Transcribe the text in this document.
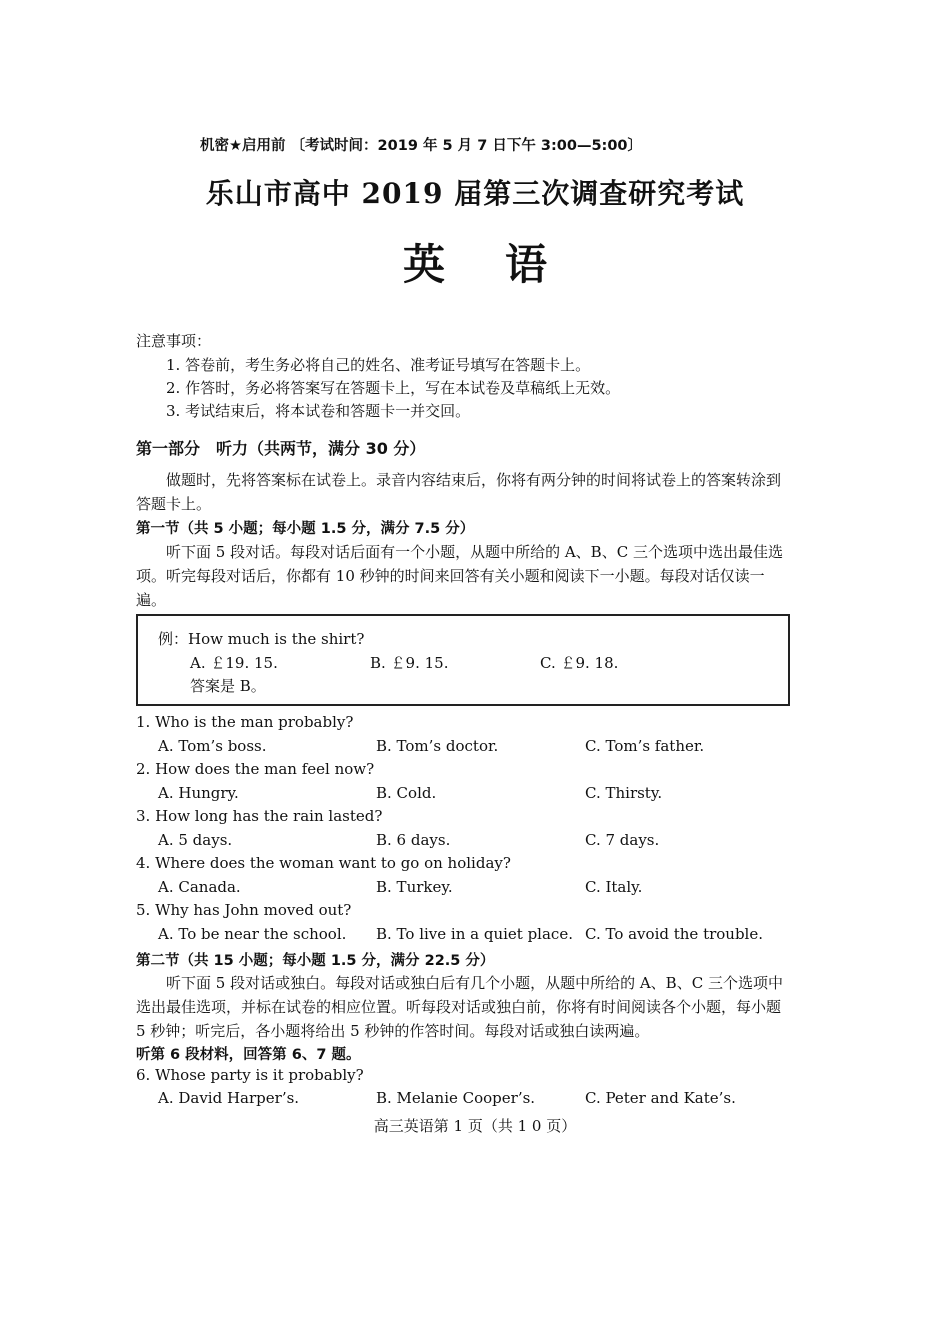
机密★启用前 〔考试时间：2019 年 5 月 7 日下午 3:00—5:00〕
乐山市高中 2019 届第三次调查研究考试
英语
注意事项：
1. 答卷前，考生务必将自己的姓名、准考证号填写在答题卡上。
2. 作答时，务必将答案写在答题卡上，写在本试卷及草稿纸上无效。
3. 考试结束后，将本试卷和答题卡一并交回。
第一部分　听力（共两节，满分 30 分）
做题时，先将答案标在试卷上。录音内容结束后，你将有两分钟的时间将试卷上的答案转涂到答题卡上。
第一节（共 5 小题；每小题 1.5 分，满分 7.5 分）
听下面 5 段对话。每段对话后面有一个小题，从题中所给的 A、B、C 三个选项中选出最佳选项。听完每段对话后，你都有 10 秒钟的时间来回答有关小题和阅读下一小题。每段对话仅读一遍。
例：How much is the shirt?
A. ￡19. 15.	B. ￡9. 15.	C. ￡9. 18.
答案是 B。
1. Who is the man probably?
A. Tom’s boss.	B. Tom’s doctor.	C. Tom’s father.
2. How does the man feel now?
A. Hungry.	B. Cold.	C. Thirsty.
3. How long has the rain lasted?
A. 5 days.	B. 6 days.	C. 7 days.
4. Where does the woman want to go on holiday?
A. Canada.	B. Turkey.	C. Italy.
5. Why has John moved out?
A. To be near the school. B. To live in a quiet place. C. To avoid the trouble.
第二节（共 15 小题；每小题 1.5 分，满分 22.5 分）
听下面 5 段对话或独白。每段对话或独白后有几个小题，从题中所给的 A、B、C 三个选项中选出最佳选项，并标在试卷的相应位置。听每段对话或独白前，你将有时间阅读各个小题，每小题 5 秒钟；听完后，各小题将给出 5 秒钟的作答时间。每段对话或独白读两遍。
听第 6 段材料，回答第 6、7 题。
6. Whose party is it probably?
A. David Harper’s.	B. Melanie Cooper’s.	C. Peter and Kate’s.
高三英语第 1 页（共 1 0 页）
